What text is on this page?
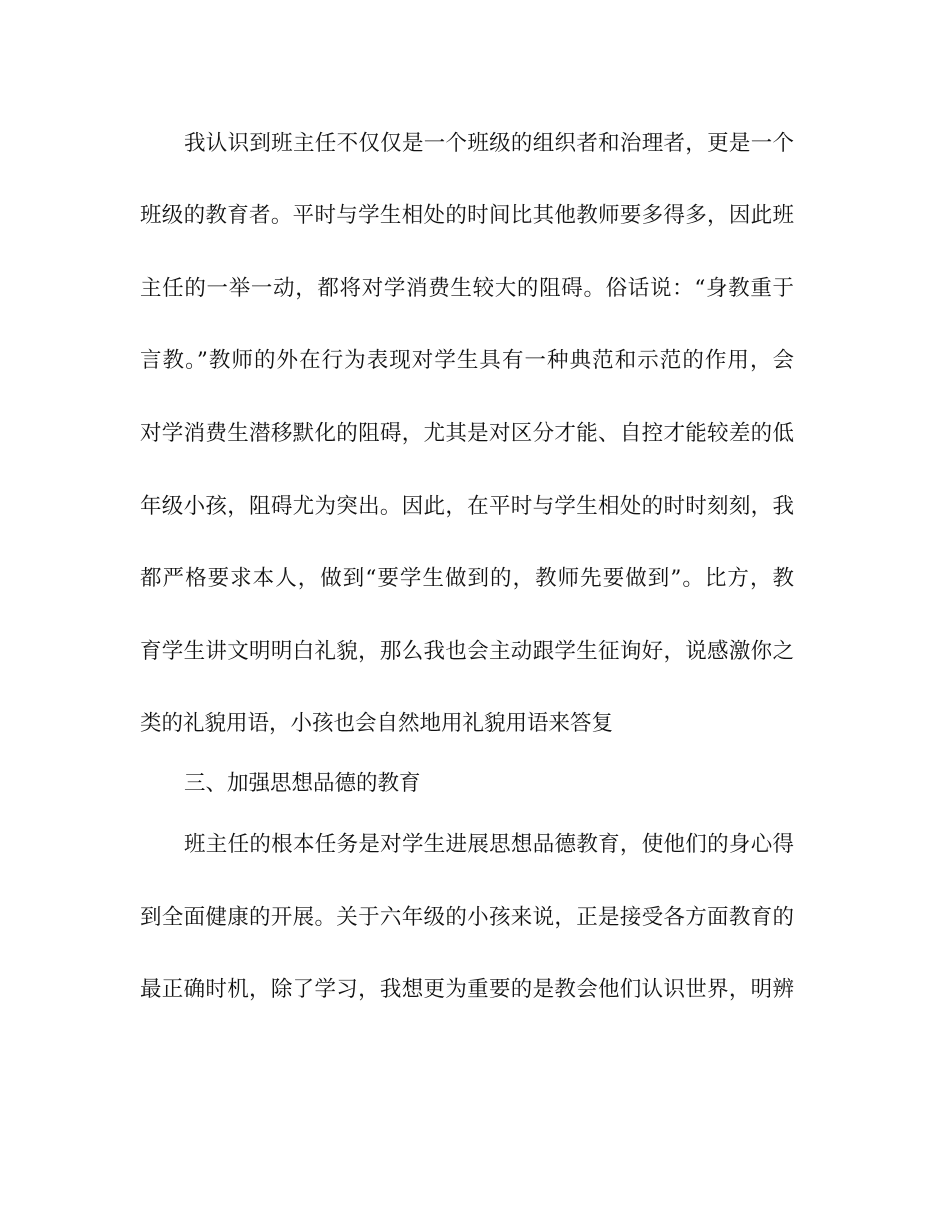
我认识到班主任不仅仅是一个班级的组织者和治理者，更是一个
班级的教育者。平时与学生相处的时间比其他教师要多得多，因此班
主任的一举一动，都将对学消费生较大的阻碍。俗话说：“身教重于
言教。”教师的外在行为表现对学生具有一种典范和示范的作用，会
对学消费生潜移默化的阻碍，尤其是对区分才能、自控才能较差的低
年级小孩，阻碍尤为突出。因此，在平时与学生相处的时时刻刻，我
都严格要求本人，做到“要学生做到的，教师先要做到”。比方，教
育学生讲文明明白礼貌，那么我也会主动跟学生征询好，说感激你之
类的礼貌用语，小孩也会自然地用礼貌用语来答复
三、加强思想品德的教育
班主任的根本任务是对学生进展思想品德教育，使他们的身心得
到全面健康的开展。关于六年级的小孩来说，正是接受各方面教育的
最正确时机，除了学习，我想更为重要的是教会他们认识世界，明辨
